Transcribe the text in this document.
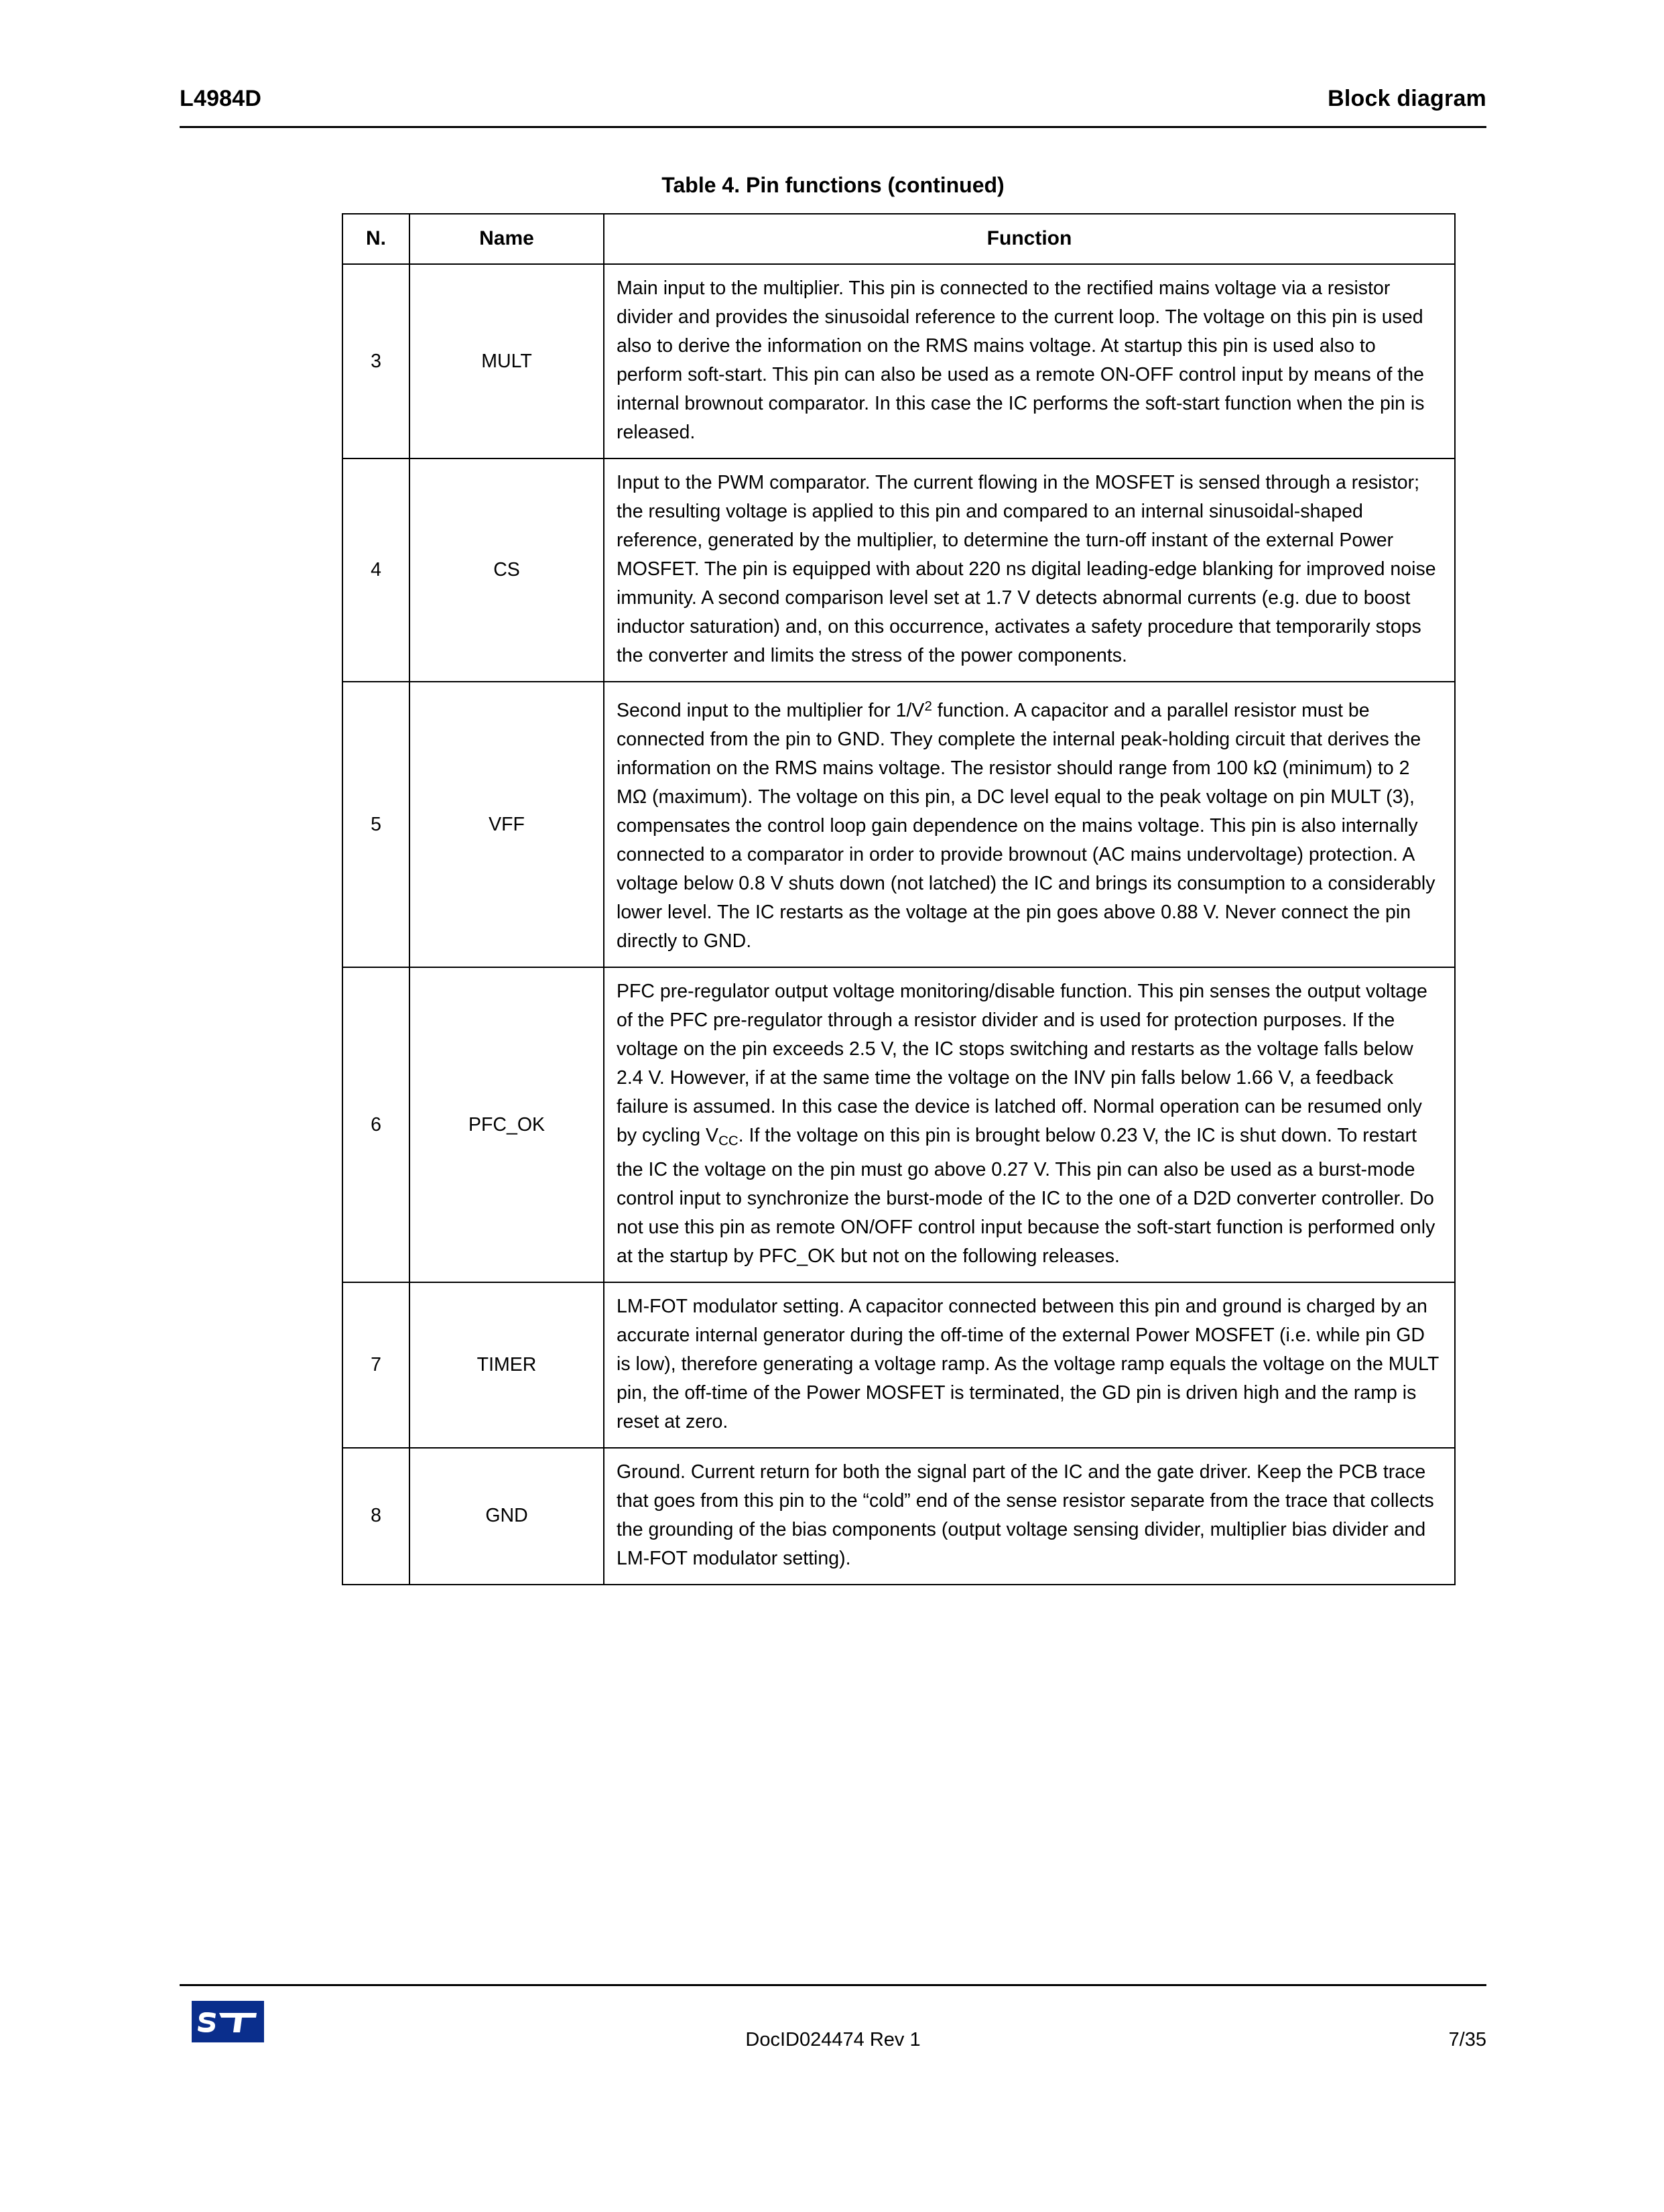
L4984D	Block diagram
Table 4. Pin functions (continued)
N.	Name	Function
3	MULT	Main input to the multiplier. This pin is connected to the rectified mains voltage via a resistor divider and provides the sinusoidal reference to the current loop. The voltage on this pin is used also to derive the information on the RMS mains voltage. At startup this pin is used also to perform soft-start. This pin can also be used as a remote ON-OFF control input by means of the internal brownout comparator. In this case the IC performs the soft-start function when the pin is released.

4	CS	Input to the PWM comparator. The current flowing in the MOSFET is sensed through a resistor; the resulting voltage is applied to this pin and compared to an internal sinusoidal-shaped reference, generated by the multiplier, to determine the turn-off instant of the external Power MOSFET. The pin is equipped with about 220 ns digital leading-edge blanking for improved noise immunity. A second comparison level set at 1.7 V detects abnormal currents (e.g. due to boost inductor saturation) and, on this occurrence, activates a safety procedure that temporarily stops the converter and limits the stress of the power components.

5	VFF	Second input to the multiplier for $1/V^2$ function. A capacitor and a parallel resistor must be connected from the pin to GND. They complete the internal peak-holding circuit that derives the information on the RMS mains voltage. The resistor should range from 100 kΩ (minimum) to 2 MΩ (maximum). The voltage on this pin, a DC level equal to the peak voltage on pin MULT (3), compensates the control loop gain dependence on the mains voltage. This pin is also internally connected to a comparator in order to provide brownout (AC mains undervoltage) protection. A voltage below 0.8 V shuts down (not latched) the IC and brings its consumption to a considerably lower level. The IC restarts as the voltage at the pin goes above 0.88 V. Never connect the pin directly to GND.

6	PFC_OK	PFC pre-regulator output voltage monitoring/disable function. This pin senses the output voltage of the PFC pre-regulator through a resistor divider and is used for protection purposes. If the voltage on the pin exceeds 2.5 V, the IC stops switching and restarts as the voltage falls below 2.4 V. However, if at the same time the voltage on the INV pin falls below 1.66 V, a feedback failure is assumed. In this case the device is latched off. Normal operation can be resumed only by cycling $V_{CC}$. If the voltage on this pin is brought below 0.23 V, the IC is shut down. To restart the IC the voltage on the pin must go above 0.27 V. This pin can also be used as a burst-mode control input to synchronize the burst-mode of the IC to the one of a D2D converter controller. Do not use this pin as remote ON/OFF control input because the soft-start function is performed only at the startup by PFC_OK but not on the following releases.

7	TIMER	LM-FOT modulator setting. A capacitor connected between this pin and ground is charged by an accurate internal generator during the off-time of the external Power MOSFET (i.e. while pin GD is low), therefore generating a voltage ramp. As the voltage ramp equals the voltage on the MULT pin, the off-time of the Power MOSFET is terminated, the GD pin is driven high and the ramp is reset at zero.

8	GND	Ground. Current return for both the signal part of the IC and the gate driver. Keep the PCB trace that goes from this pin to the “cold” end of the sense resistor separate from the trace that collects the grounding of the bias components (output voltage sensing divider, multiplier bias divider and LM-FOT modulator setting).

DocID024474 Rev 1	7/35
